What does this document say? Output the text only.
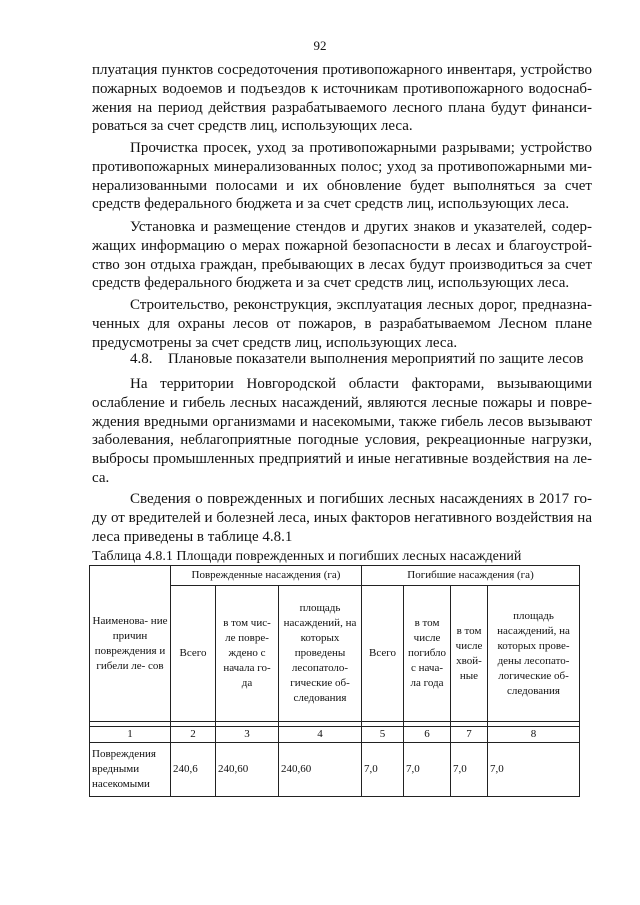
92
плуатация пунктов сосредоточения противопожарного инвентаря, устройство
пожарных водоемов и подъездов к источникам противопожарного водоснаб-
жения на период действия разрабатываемого лесного плана будут финанси-
роваться за счет средств лиц, использующих леса.
Прочистка просек, уход за противопожарными разрывами; устройство
противопожарных минерализованных полос; уход за противопожарными ми-
нерализованными полосами и их обновление будет выполняться за счет
средств федерального бюджета и за счет средств лиц, использующих леса.
Установка и размещение стендов и других знаков и указателей, содер-
жащих информацию о мерах пожарной безопасности в лесах и благоустрой-
ство зон отдыха граждан, пребывающих в лесах будут производиться за счет
средств федерального бюджета и за счет средств лиц, использующих леса.
Строительство, реконструкция, эксплуатация лесных дорог, предназна-
ченных для охраны лесов от пожаров, в разрабатываемом Лесном плане
предусмотрены за счет средств лиц, использующих леса.
4.8. Плановые показатели выполнения мероприятий по защите лесов
На территории Новгородской области факторами, вызывающими
ослабление и гибель лесных насаждений, являются лесные пожары и повре-
ждения вредными организмами и насекомыми, также гибель лесов вызывают
заболевания, неблагоприятные погодные условия, рекреационные нагрузки,
выбросы промышленных предприятий и иные негативные воздействия на ле-
са.
Сведения о поврежденных и погибших лесных насаждениях в 2017 го-
ду от вредителей и болезней леса, иных факторов негативного воздействия на
леса приведены в таблице 4.8.1
Таблица 4.8.1 Площади поврежденных и погибших лесных насаждений
Наименова- ние причин повреждения и гибели ле- сов	Поврежденные насаждения (га)			Погибшие насаждения (га)			
	Всего	в том чис- ле повре- ждено с начала го- да	площадь насаждений, на которых проведены лесопатоло- гические об- следования	Всего	в том числе погибло с нача- ла года	в том числе хвой- ные	площадь насаждений, на которых прове- дены лесопато- логические об- следования

1	2	3	4	5	6	7	8
Повреждения вредными насекомыми	240,6	240,60	240,60	7,0	7,0	7,0	7,0
